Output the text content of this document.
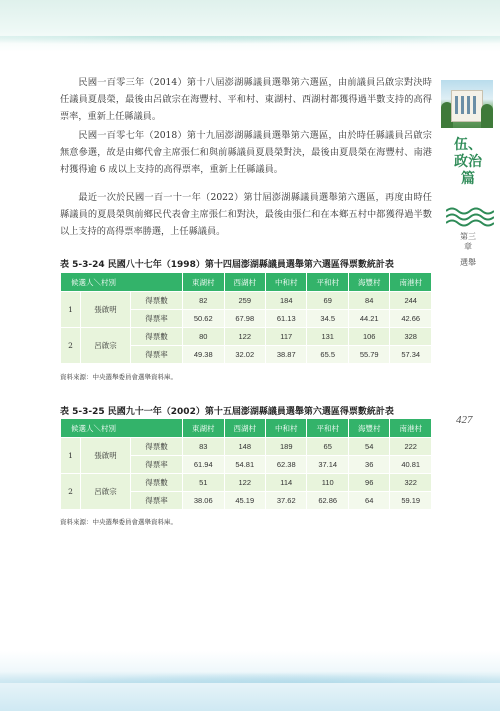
伍、政治篇
第三章
選舉
427

民國一百零三年（2014）第十八屆澎湖縣議員選舉第六選區，由前議員呂啟宗對決時任議員夏晨榮，最後由呂啟宗在海豐村、平和村、東湖村、西湖村都獲得過半數支持的高得票率，重新上任縣議員。

民國一百零七年（2018）第十九屆澎湖縣議員選舉第六選區，由於時任縣議員呂啟宗無意參選，故是由鄉代會主席張仁和與前縣議員夏晨榮對決，最後由夏晨榮在海豐村、南港村獲得逾 6 成以上支持的高得票率，重新上任縣議員。

最近一次於民國一百一十一年（2022）第廿屆澎湖縣議員選舉第六選區，再度由時任縣議員的夏晨榮與前鄉民代表會主席張仁和對決，最後由張仁和在本鄉五村中都獲得過半數以上支持的高得票率勝選，上任縣議員。

表 5-3-24 民國八十七年（1998）第十四屆澎湖縣議員選舉第六選區得票數統計表

候選人＼村別			東湖村	西湖村	中和村	平和村	海豐村	南港村
1	張啟明	得票數	82	259	184	69	84	244
		得票率	50.62	67.98	61.13	34.5	44.21	42.66
2	呂啟宗	得票數	80	122	117	131	106	328
		得票率	49.38	32.02	38.87	65.5	55.79	57.34

資料來源：中央選舉委員會選舉資料庫。

表 5-3-25 民國九十一年（2002）第十五屆澎湖縣議員選舉第六選區得票數統計表

候選人＼村別			東湖村	西湖村	中和村	平和村	海豐村	南港村
1	張啟明	得票數	83	148	189	65	54	222
		得票率	61.94	54.81	62.38	37.14	36	40.81
2	呂啟宗	得票數	51	122	114	110	96	322
		得票率	38.06	45.19	37.62	62.86	64	59.19

資料來源：中央選舉委員會選舉資料庫。
